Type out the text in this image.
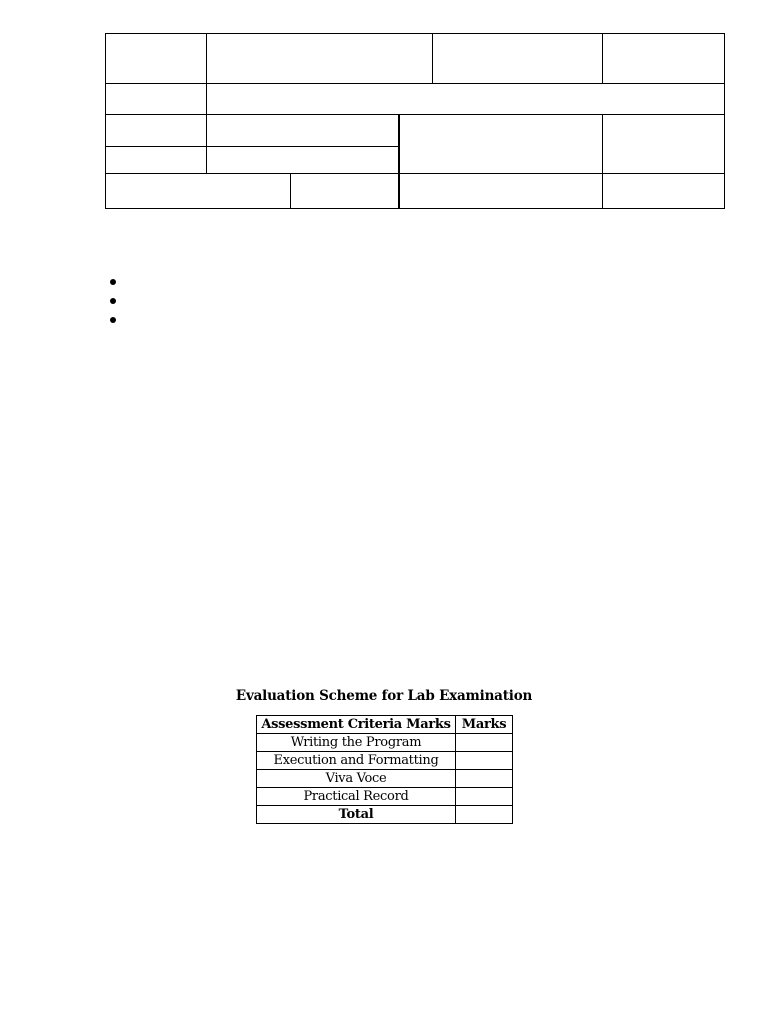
Evaluation Scheme for Lab Examination
Assessment Criteria Marks	Marks
Writing the Program	
Execution and Formatting	
Viva Voce	
Practical Record	
Total	
